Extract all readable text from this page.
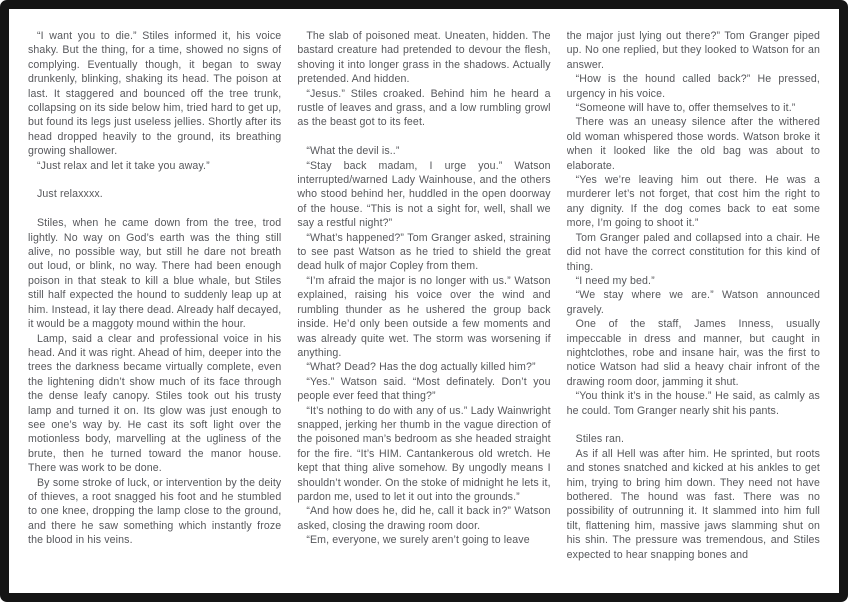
“I want you to die.” Stiles informed it, his voice shaky. But the thing, for a time, showed no signs of complying. Eventually though, it began to sway drunkenly, blinking, shaking its head. The poison at last. It staggered and bounced off the tree trunk, collapsing on its side below him, tried hard to get up, but found its legs just useless jellies. Shortly after its head dropped heavily to the ground, its breathing growing shallower.

“Just relax and let it take you away.”

Just relaxxxx.

Stiles, when he came down from the tree, trod lightly. No way on God’s earth was the thing still alive, no possible way, but still he dare not breath out loud, or blink, no way. There had been enough poison in that steak to kill a blue whale, but Stiles still half expected the hound to suddenly leap up at him. Instead, it lay there dead. Already half decayed, it would be a maggoty mound within the hour.

Lamp, said a clear and professional voice in his head. And it was right. Ahead of him, deeper into the trees the darkness became virtually complete, even the lightening didn’t show much of its face through the dense leafy canopy. Stiles took out his trusty lamp and turned it on. Its glow was just enough to see one’s way by. He cast its soft light over the motionless body, marvelling at the ugliness of the brute, then he turned toward the manor house. There was work to be done.

By some stroke of luck, or intervention by the deity of thieves, a root snagged his foot and he stumbled to one knee, dropping the lamp close to the ground, and there he saw something which instantly froze the blood in his veins.

The slab of poisoned meat. Uneaten, hidden. The bastard creature had pretended to devour the flesh, shoving it into longer grass in the shadows. Actually pretended. And hidden.

“Jesus.” Stiles croaked. Behind him he heard a rustle of leaves and grass, and a low rumbling growl as the beast got to its feet.

“What the devil is..”

“Stay back madam, I urge you.” Watson interrupted/warned Lady Wainhouse, and the others who stood behind her, huddled in the open doorway of the house. “This is not a sight for, well, shall we say a restful night?”

“What’s happened?” Tom Granger asked, straining to see past Watson as he tried to shield the great dead hulk of major Copley from them.

“I’m afraid the major is no longer with us.” Watson explained, raising his voice over the wind and rumbling thunder as he ushered the group back inside. He’d only been outside a few moments and was already quite wet. The storm was worsening if anything.

“What? Dead? Has the dog actually killed him?”

“Yes.” Watson said. “Most definately. Don’t you people ever feed that thing?”

“It’s nothing to do with any of us.” Lady Wainwright snapped, jerking her thumb in the vague direction of the poisoned man’s bedroom as she headed straight for the fire. “It’s HIM. Cantankerous old wretch. He kept that thing alive somehow. By ungodly means I shouldn’t wonder. On the stoke of midnight he lets it, pardon me, used to let it out into the grounds.”

“And how does he, did he, call it back in?” Watson asked, closing the drawing room door.

“Em, everyone, we surely aren’t going to leave

the major just lying out there?” Tom Granger piped up. No one replied, but they looked to Watson for an answer.

“How is the hound called back?” He pressed, urgency in his voice.

“Someone will have to, offer themselves to it.”

There was an uneasy silence after the withered old woman whispered those words. Watson broke it when it looked like the old bag was about to elaborate.

“Yes we’re leaving him out there. He was a murderer let’s not forget, that cost him the right to any dignity. If the dog comes back to eat some more, I’m going to shoot it.”

Tom Granger paled and collapsed into a chair. He did not have the correct constitution for this kind of thing.

“I need my bed.”

“We stay where we are.” Watson announced gravely.

One of the staff, James Inness, usually impeccable in dress and manner, but caught in nightclothes, robe and insane hair, was the first to notice Watson had slid a heavy chair infront of the drawing room door, jamming it shut.

“You think it’s in the house.” He said, as calmly as he could. Tom Granger nearly shit his pants.

Stiles ran.

As if all Hell was after him. He sprinted, but roots and stones snatched and kicked at his ankles to get him, trying to bring him down. They need not have bothered. The hound was fast. There was no possibility of outrunning it. It slammed into him full tilt, flattening him, massive jaws slamming shut on his shin. The pressure was tremendous, and Stiles expected to hear snapping bones and
